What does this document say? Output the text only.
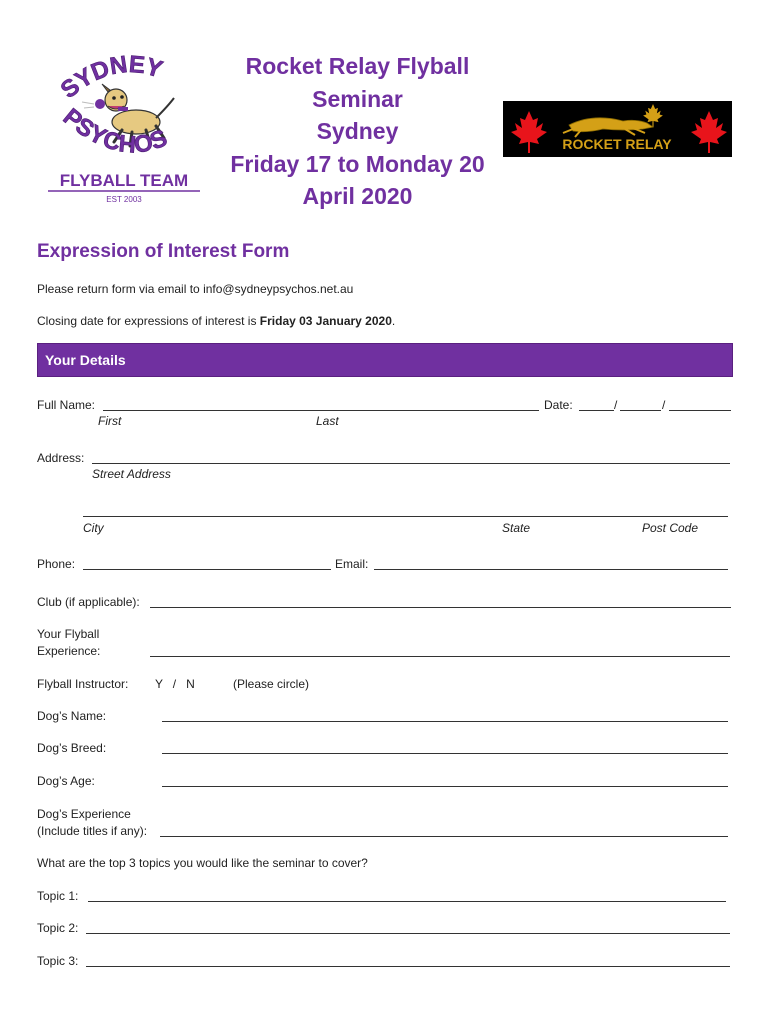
SYDNEY
PSYCHOS
FLYBALL TEAM
EST 2003
Rocket Relay Flyball
Seminar
Sydney
Friday 17 to Monday 20
April 2020
ROCKET RELAY
Expression of Interest Form
Please return form via email to info@sydneypsychos.net.au
Closing date for expressions of interest is Friday 03 January 2020.
Your Details
Full Name:
First	Last
Date:	/	/
Address:
Street Address
City	State	Post Code
Phone:	Email:
Club (if applicable):
Your Flyball
Experience:
Flyball Instructor: Y   /   N	(Please circle)
Dog’s Name:
Dog’s Breed:
Dog’s Age:
Dog’s Experience
(Include titles if any):
What are the top 3 topics you would like the seminar to cover?
Topic 1:
Topic 2:
Topic 3:
